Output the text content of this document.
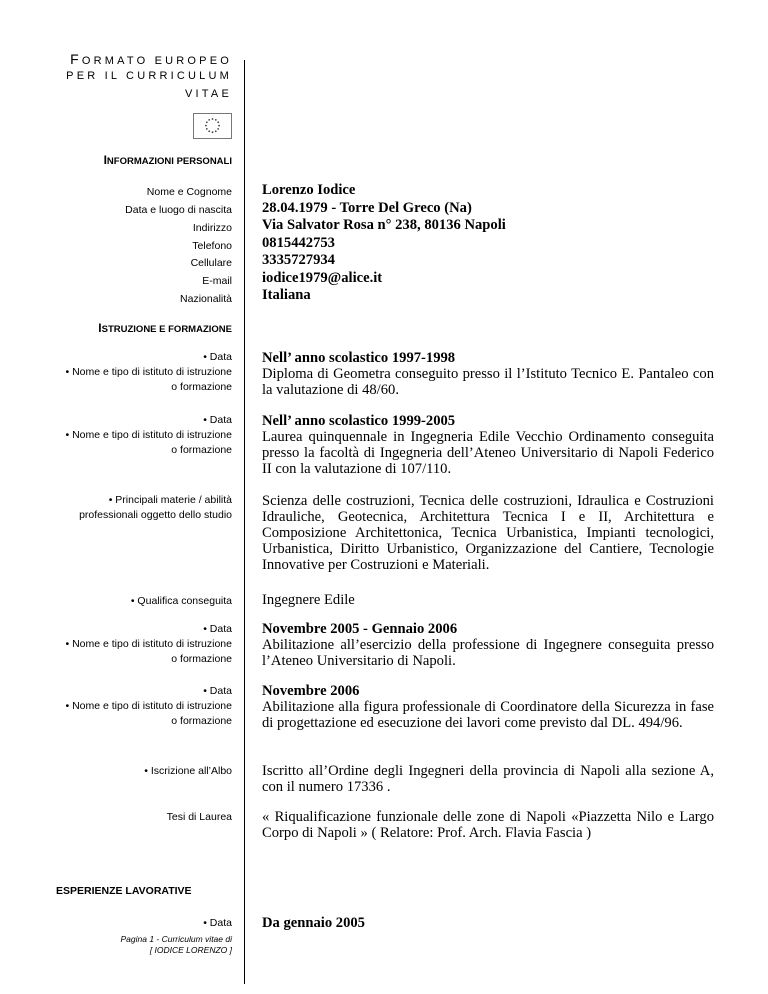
FORMATO EUROPEO
PER IL CURRICULUM
VITAE
INFORMAZIONI PERSONALI
Nome e Cognome
Data e luogo di nascita
Indirizzo
Telefono
Cellulare
E-mail
Nazionalità
Lorenzo Iodice
28.04.1979 - Torre Del Greco (Na)
Via Salvator Rosa n° 238, 80136 Napoli
0815442753
3335727934
iodice1979@alice.it
Italiana
ISTRUZIONE E FORMAZIONE
• Data
• Nome e tipo di istituto di istruzione
o formazione
Nell’ anno scolastico 1997-1998
Diploma di Geometra conseguito presso il l’Istituto Tecnico E. Pantaleo con la valutazione di 48/60.
• Data
• Nome e tipo di istituto di istruzione
o formazione
Nell’ anno scolastico 1999-2005
Laurea quinquennale in Ingegneria Edile Vecchio Ordinamento conseguita presso la facoltà di Ingegneria dell’Ateneo Universitario di Napoli Federico II con la valutazione di 107/110.
• Principali materie / abilità
professionali oggetto dello studio
Scienza delle costruzioni, Tecnica delle costruzioni, Idraulica e Costruzioni Idrauliche, Geotecnica, Architettura Tecnica I e II, Architettura e Composizione Architettonica, Tecnica Urbanistica, Impianti tecnologici, Urbanistica, Diritto Urbanistico, Organizzazione del Cantiere, Tecnologie Innovative per Costruzioni e Materiali.
• Qualifica conseguita Ingegnere Edile
• Data
• Nome e tipo di istituto di istruzione
o formazione
Novembre 2005 - Gennaio 2006
Abilitazione all’esercizio della professione di Ingegnere conseguita presso l’Ateneo Universitario di Napoli.
• Data
• Nome e tipo di istituto di istruzione
o formazione
Novembre 2006
Abilitazione alla figura professionale di Coordinatore della Sicurezza in fase di progettazione ed esecuzione dei lavori come previsto dal DL. 494/96.
• Iscrizione all’Albo Iscritto all’Ordine degli Ingegneri della provincia di Napoli alla sezione A, con il numero 17336 .
Tesi di Laurea « Riqualificazione funzionale delle zone di Napoli «Piazzetta Nilo e Largo Corpo di Napoli » ( Relatore: Prof. Arch. Flavia Fascia )
ESPERIENZE LAVORATIVE
• Data Da gennaio 2005
Pagina 1 - Curriculum vitae di
[ IODICE LORENZO ]
